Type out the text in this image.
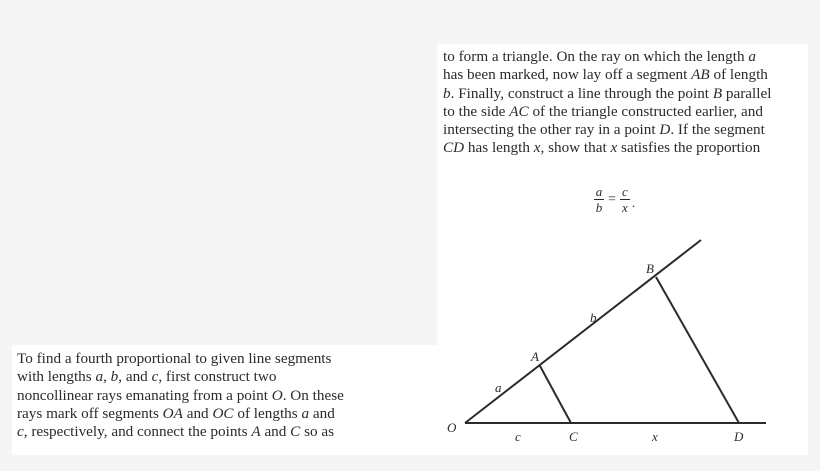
to form a triangle. On the ray on which the length a
has been marked, now lay off a segment AB of length
b. Finally, construct a line through the point B parallel
to the side AC of the triangle constructed earlier, and
intersecting the other ray in a point D. If the segment
CD has length x, show that x satisfies the proportion
$\frac{a}{b} = \frac{c}{x}$ .
To find a fourth proportional to given line segments
with lengths a, b, and c, first construct two
noncollinear rays emanating from a point O. On these
rays mark off segments OA and OC of lengths a and
c, respectively, and connect the points A and C so as	O
a
A
b
B
c	C	x	D
